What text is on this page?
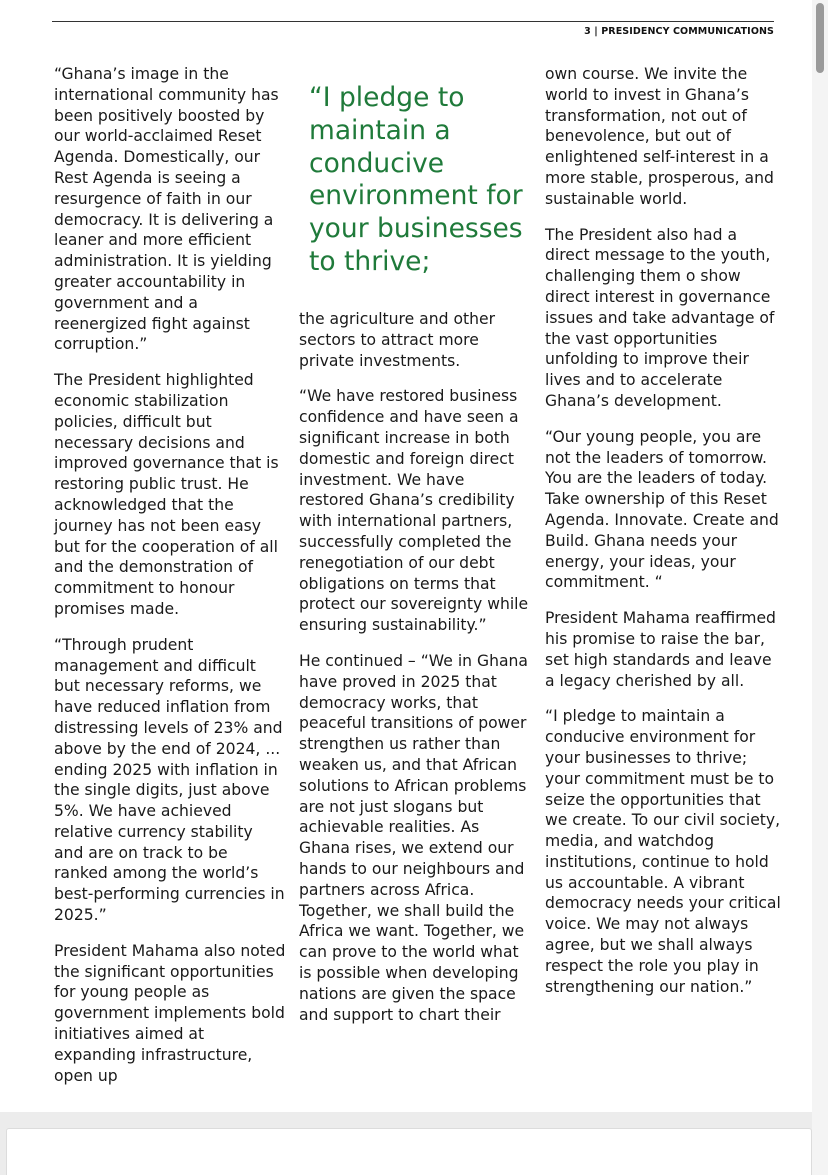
3 | PRESIDENCY COMMUNICATIONS

“Ghana’s image in the international community has been positively boosted by our world-acclaimed Reset Agenda. Domestically, our Rest Agenda is seeing a resurgence of faith in our democracy. It is delivering a leaner and more efficient administration. It is yielding greater accountability in government and a reenergized fight against corruption.”

The President highlighted economic stabilization policies, difficult but necessary decisions and improved governance that is restoring public trust. He acknowledged that the journey has not been easy but for the cooperation of all and the demonstration of commitment to honour promises made.

“Through prudent management and difficult but necessary reforms, we have reduced inflation from distressing levels of 23% and above by the end of 2024, ... ending 2025 with inflation in the single digits, just above 5%. We have achieved relative currency stability and are on track to be ranked among the world’s best-performing currencies in 2025.”

President Mahama also noted the significant opportunities for young people as government implements bold initiatives aimed at expanding infrastructure, open up

“I pledge to maintain a conducive environment for your businesses to thrive;

the agriculture and other sectors to attract more private investments.

“We have restored business confidence and have seen a significant increase in both domestic and foreign direct investment. We have restored Ghana’s credibility with international partners, successfully completed the renegotiation of our debt obligations on terms that protect our sovereignty while ensuring sustainability.”

He continued – “We in Ghana have proved in 2025 that democracy works, that peaceful transitions of power strengthen us rather than weaken us, and that African solutions to African problems are not just slogans but achievable realities. As Ghana rises, we extend our hands to our neighbours and partners across Africa. Together, we shall build the Africa we want. Together, we can prove to the world what is possible when developing nations are given the space and support to chart their

own course. We invite the world to invest in Ghana’s transformation, not out of benevolence, but out of enlightened self-interest in a more stable, prosperous, and sustainable world.

The President also had a direct message to the youth, challenging them o show direct interest in governance issues and take advantage of the vast opportunities unfolding to improve their lives and to accelerate Ghana’s development.

“Our young people, you are not the leaders of tomorrow. You are the leaders of today. Take ownership of this Reset Agenda. Innovate. Create and Build. Ghana needs your energy, your ideas, your commitment. “

President Mahama reaffirmed his promise to raise the bar, set high standards and leave a legacy cherished by all.

“I pledge to maintain a conducive environment for your businesses to thrive; your commitment must be to seize the opportunities that we create. To our civil society, media, and watchdog institutions, continue to hold us accountable. A vibrant democracy needs your critical voice. We may not always agree, but we shall always respect the role you play in strengthening our nation.”
